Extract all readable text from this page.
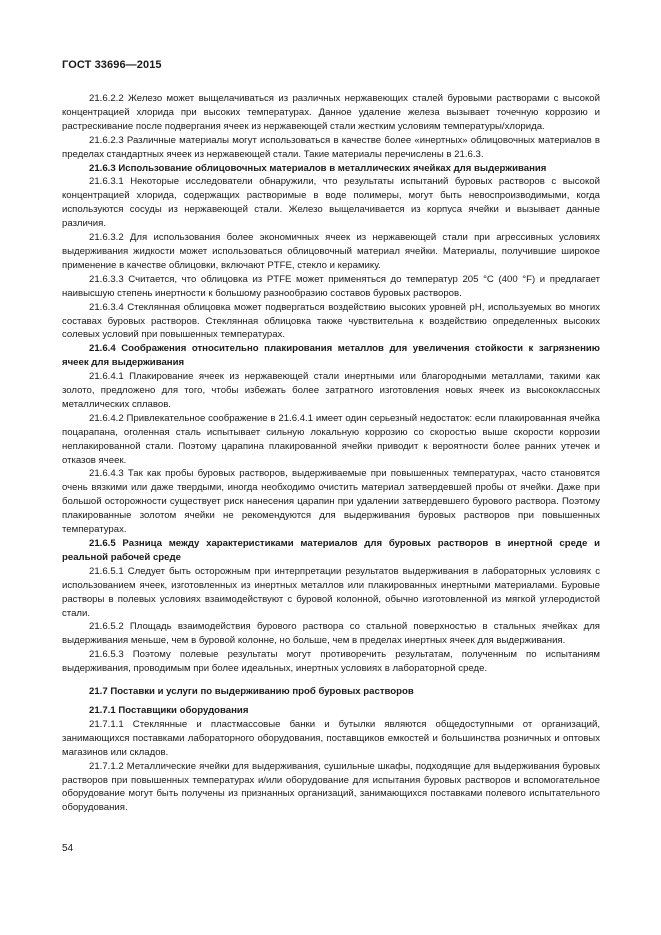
ГОСТ 33696—2015

21.6.2.2 Железо может выщелачиваться из различных нержавеющих сталей буровыми растворами с высокой концентрацией хлорида при высоких температурах. Данное удаление железа вызывает точечную коррозию и растрескивание после подвергания ячеек из нержавеющей стали жестким условиям температуры/хлорида.

21.6.2.3 Различные материалы могут использоваться в качестве более «инертных» облицовочных материалов в пределах стандартных ячеек из нержавеющей стали. Такие материалы перечислены в 21.6.3.

21.6.3 Использование облицовочных материалов в металлических ячейках для выдерживания

21.6.3.1 Некоторые исследователи обнаружили, что результаты испытаний буровых растворов с высокой концентрацией хлорида, содержащих растворимые в воде полимеры, могут быть невоспроизводимыми, когда используются сосуды из нержавеющей стали. Железо выщелачивается из корпуса ячейки и вызывает данные различия.

21.6.3.2 Для использования более экономичных ячеек из нержавеющей стали при агрессивных условиях выдерживания жидкости может использоваться облицовочный материал ячейки. Материалы, получившие широкое применение в качестве облицовки, включают PTFE, стекло и керамику.

21.6.3.3 Считается, что облицовка из PTFE может применяться до температур 205 °С (400 °F) и предлагает наивысшую степень инертности к большому разнообразию составов буровых растворов.

21.6.3.4 Стеклянная облицовка может подвергаться воздействию высоких уровней pH, используемых во многих составах буровых растворов. Стеклянная облицовка также чувствительна к воздействию определенных высоких солевых условий при повышенных температурах.

21.6.4 Соображения относительно плакирования металлов для увеличения стойкости к загрязнению ячеек для выдерживания

21.6.4.1 Плакирование ячеек из нержавеющей стали инертными или благородными металлами, такими как золото, предложено для того, чтобы избежать более затратного изготовления новых ячеек из высококлассных металлических сплавов.

21.6.4.2 Привлекательное соображение в 21.6.4.1 имеет один серьезный недостаток: если плакированная ячейка поцарапана, оголенная сталь испытывает сильную локальную коррозию со скоростью выше скорости коррозии неплакированной стали. Поэтому царапина плакированной ячейки приводит к вероятности более ранних утечек и отказов ячеек.

21.6.4.3 Так как пробы буровых растворов, выдерживаемые при повышенных температурах, часто становятся очень вязкими или даже твердыми, иногда необходимо очистить материал затвердевшей пробы от ячейки. Даже при большой осторожности существует риск нанесения царапин при удалении затвердевшего бурового раствора. Поэтому плакированные золотом ячейки не рекомендуются для выдерживания буровых растворов при повышенных температурах.

21.6.5 Разница между характеристиками материалов для буровых растворов в инертной среде и реальной рабочей среде

21.6.5.1 Следует быть осторожным при интерпретации результатов выдерживания в лабораторных условиях с использованием ячеек, изготовленных из инертных металлов или плакированных инертными материалами. Буровые растворы в полевых условиях взаимодействуют с буровой колонной, обычно изготовленной из мягкой углеродистой стали.

21.6.5.2 Площадь взаимодействия бурового раствора со стальной поверхностью в стальных ячейках для выдерживания меньше, чем в буровой колонне, но больше, чем в пределах инертных ячеек для выдерживания.

21.6.5.3 Поэтому полевые результаты могут противоречить результатам, полученным по испытаниям выдерживания, проводимым при более идеальных, инертных условиях в лабораторной среде.

21.7 Поставки и услуги по выдерживанию проб буровых растворов

21.7.1 Поставщики оборудования

21.7.1.1 Стеклянные и пластмассовые банки и бутылки являются общедоступными от организаций, занимающихся поставками лабораторного оборудования, поставщиков емкостей и большинства розничных и оптовых магазинов или складов.

21.7.1.2 Металлические ячейки для выдерживания, сушильные шкафы, подходящие для выдерживания буровых растворов при повышенных температурах и/или оборудование для испытания буровых растворов и вспомогательное оборудование могут быть получены из признанных организаций, занимающихся поставками полевого испытательного оборудования.

54
